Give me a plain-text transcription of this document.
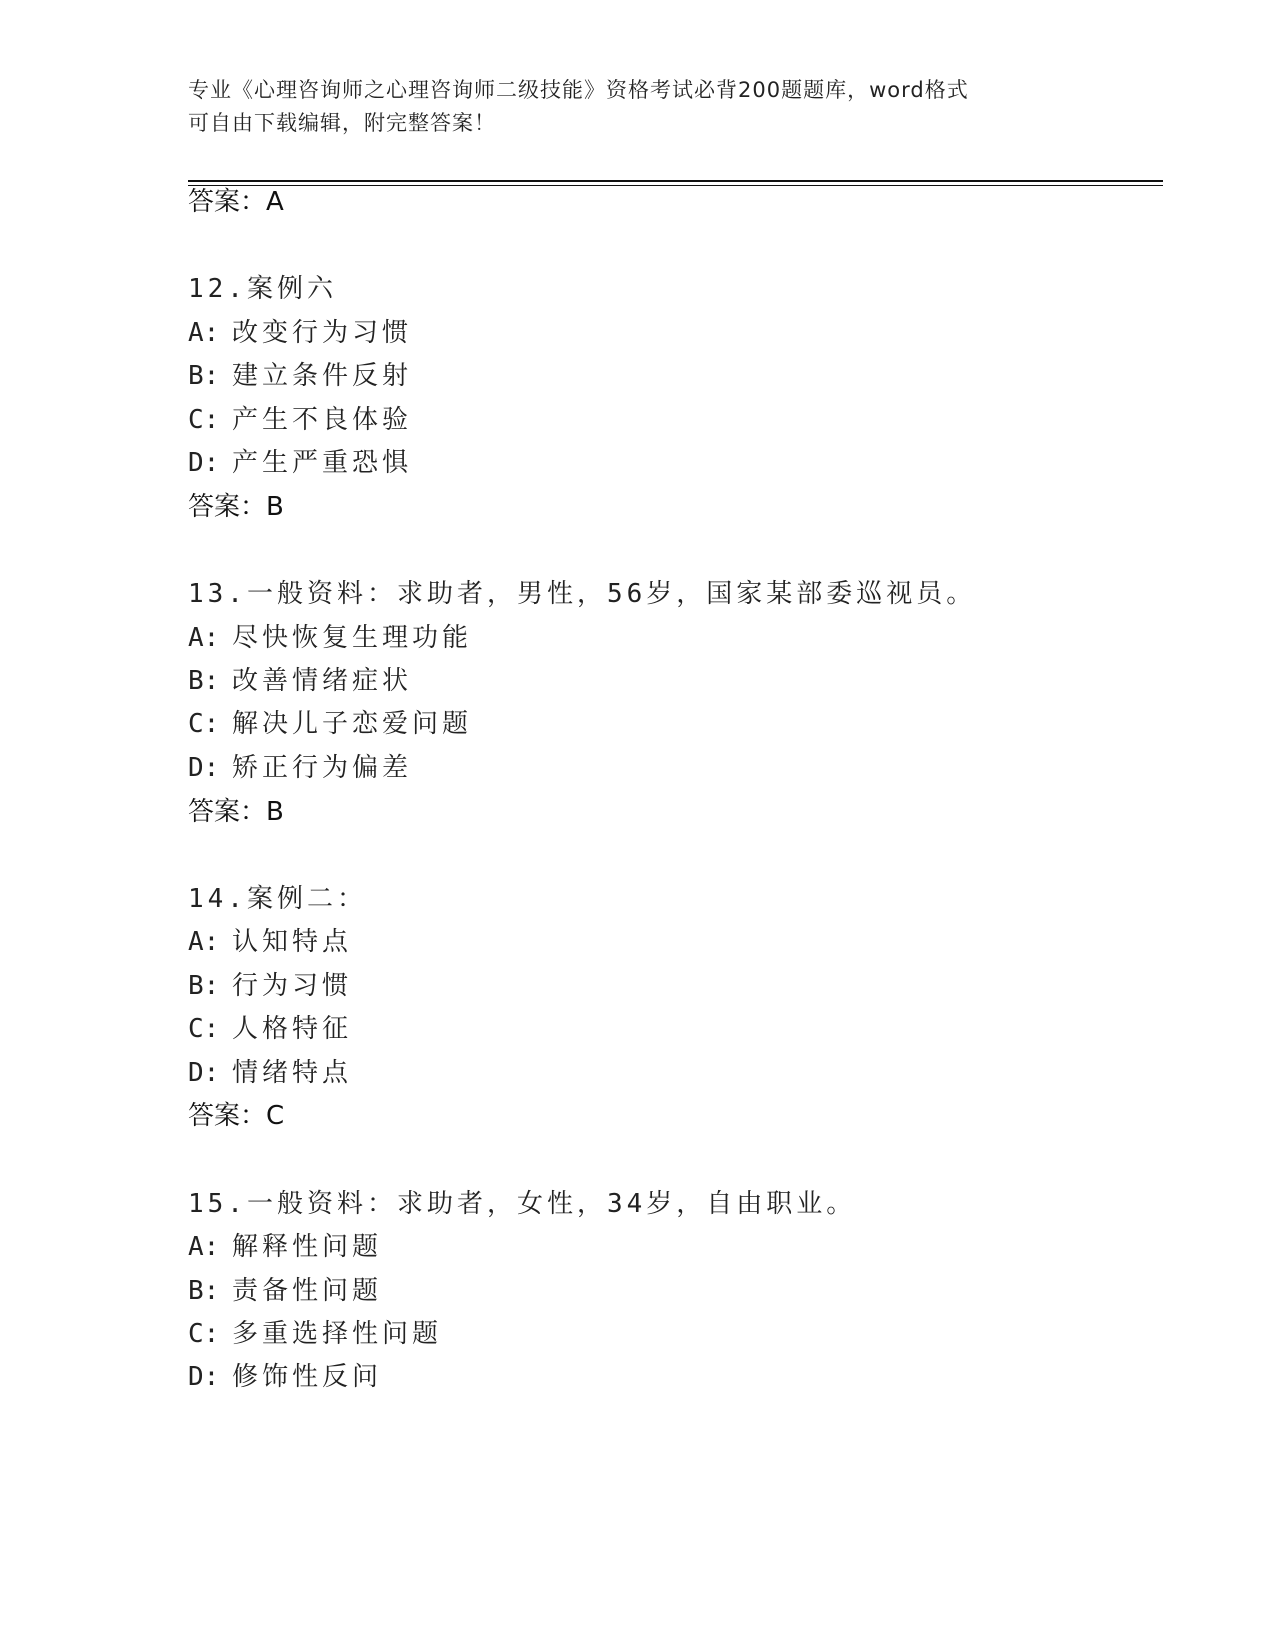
专业《心理咨询师之心理咨询师二级技能》资格考试必背200题题库，word格式
可自由下载编辑，附完整答案！
答案：A
12.案例六
A: 改变行为习惯
B: 建立条件反射
C: 产生不良体验
D: 产生严重恐惧
答案：B
13.一般资料：求助者，男性，56岁，国家某部委巡视员。
A: 尽快恢复生理功能
B: 改善情绪症状
C: 解决儿子恋爱问题
D: 矫正行为偏差
答案：B
14.案例二：
A: 认知特点
B: 行为习惯
C: 人格特征
D: 情绪特点
答案：C
15.一般资料：求助者，女性，34岁，自由职业。
A: 解释性问题
B: 责备性问题
C: 多重选择性问题
D: 修饰性反问
